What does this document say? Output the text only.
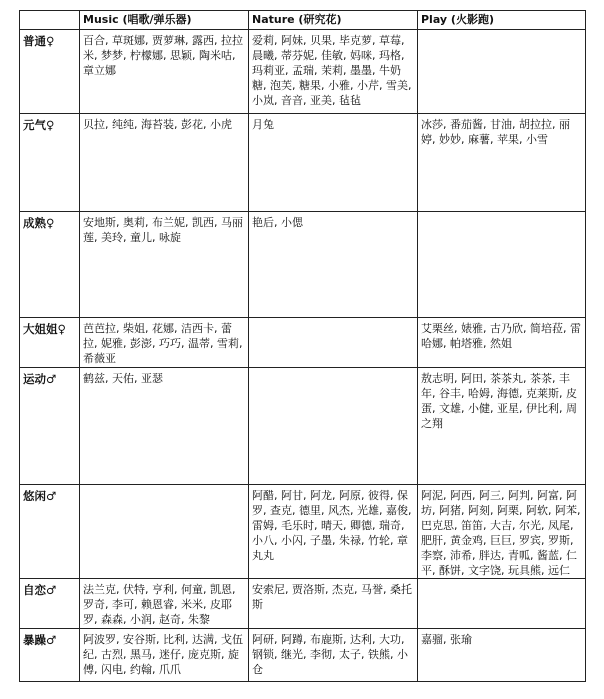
	Music (唱歌/弹乐器)	Nature (研究花)	Play (火影跑)
普通♀	百合, 草斑娜, 贾萝琳, 露西, 拉拉米, 梦梦, 柠檬娜, 思颖, 陶米咕, 章立娜	爱莉, 阿妹, 贝果, 毕克萝, 草莓, 晨曦, 蒂芬妮, 佳敏, 妈咪, 玛格, 玛莉亚, 孟瑞, 茉莉, 墨墨, 牛奶糖, 泡芙, 糖果, 小雅, 小芹, 雪美, 小岚, 音音, 亚美, 毡毡	
元气♀	贝拉, 纯纯, 海苔装, 彭花, 小虎	月兔	冰莎, 番茄酱, 甘油, 胡拉拉, 丽婷, 妙妙, 麻薯, 苹果, 小雪
成熟♀	安地斯, 奥莉, 布兰妮, 凯西, 马丽莲, 美玲, 童儿, 咏旋	艳后, 小偲	
大姐姐♀	芭芭拉, 柴姐, 花娜, 洁西卡, 蕾拉, 妮雅, 彭澎, 巧巧, 温蒂, 雪莉, 希薇亚		艾栗丝, 婊雅, 古乃欣, 简培菈, 雷哈娜, 帕塔雅, 然姐
运动♂	鹤兹, 天佑, 亚瑟		敖志明, 阿田, 茶茶丸, 茶茶, 丰年, 谷丰, 哈姆, 海德, 克莱斯, 皮蛋, 文雄, 小健, 亚星, 伊比利, 周之翔
悠闲♂		阿醋, 阿甘, 阿龙, 阿原, 彼得, 保罗, 查克, 德里, 风杰, 光雄, 嘉俊, 雷姆, 毛乐时, 晴天, 卿德, 瑞奇, 小八, 小闪, 子墨, 朱禄, 竹轮, 章丸丸	阿泥, 阿西, 阿三, 阿判, 阿富, 阿坊, 阿猪, 阿刻, 阿栗, 阿软, 阿苯, 巴克思, 笛笛, 大吉, 尔光, 凤尾, 肥肝, 黄金鸡, 巨巨, 罗宾, 罗斯, 李察, 沛希, 胖达, 青呱, 酱蓝, 仁平, 酥饼, 文字饶, 玩具熊, 远仁
自恋♂	法兰克, 伏特, 亨利, 何童, 凯恩, 罗奇, 李可, 赖恩睿, 米米, 皮耶罗, 森森, 小润, 赵奇, 朱黎	安索尼, 贾洛斯, 杰克, 马誉, 桑托斯	
暴躁♂	阿波罗, 安谷斯, 比利, 达满, 戈伍纪, 古烈, 黑马, 迷仔, 庞克斯, 旋傅, 闪电, 约翰, 爪爪	阿研, 阿蹲, 布鹿斯, 达利, 大功, 钢锁, 继光, 李彻, 太子, 铁熊, 小仓	嘉骝, 张瑜
